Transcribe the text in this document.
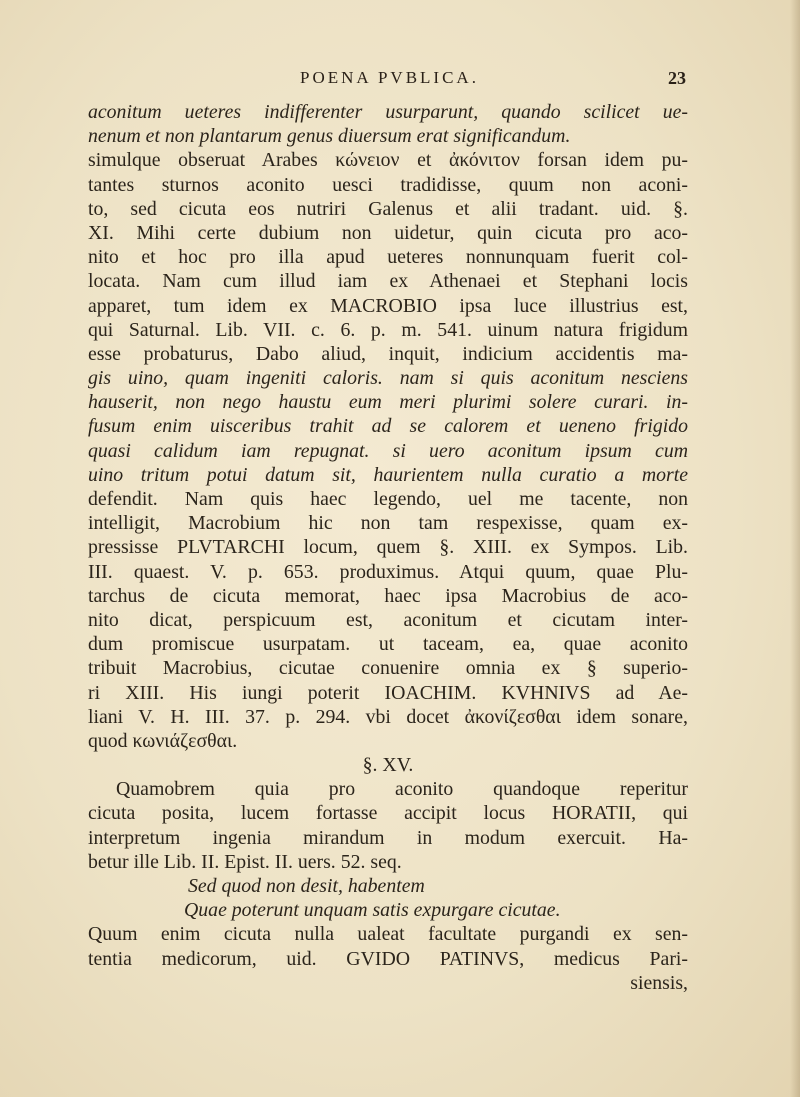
POENA PVBLICA.	23
aconitum ueteres indifferenter usurparunt, quando scilicet ue-
nenum et non plantarum genus diuersum erat significandum.
simulque obseruat Arabes κώνειον et ἀκόνιτον forsan idem pu-
tantes sturnos aconito uesci tradidisse, quum non aconi-
to, sed cicuta eos nutriri Galenus et alii tradant. uid. §.
XI. Mihi certe dubium non uidetur, quin cicuta pro aco-
nito et hoc pro illa apud ueteres nonnunquam fuerit col-
locata. Nam cum illud iam ex Athenaei et Stephani locis
apparet, tum idem ex MACROBIO ipsa luce illustrius est,
qui Saturnal. Lib. VII. c. 6. p. m. 541. uinum natura frigidum
esse probaturus, Dabo aliud, inquit, indicium accidentis ma-
gis uino, quam ingeniti caloris. nam si quis aconitum nesciens
hauserit, non nego haustu eum meri plurimi solere curari. in-
fusum enim uisceribus trahit ad se calorem et ueneno frigido
quasi calidum iam repugnat. si uero aconitum ipsum cum
uino tritum potui datum sit, haurientem nulla curatio a morte
defendit. Nam quis haec legendo, uel me tacente, non
intelligit, Macrobium hic non tam respexisse, quam ex-
pressisse PLVTARCHI locum, quem §. XIII. ex Sympos. Lib.
III. quaest. V. p. 653. produximus. Atqui quum, quae Plu-
tarchus de cicuta memorat, haec ipsa Macrobius de aco-
nito dicat, perspicuum est, aconitum et cicutam inter-
dum promiscue usurpatam. ut taceam, ea, quae aconito
tribuit Macrobius, cicutae conuenire omnia ex § superio-
ri XIII. His iungi poterit IOACHIM. KVHNIVS ad Ae-
liani V. H. III. 37. p. 294. vbi docet ἀκονίζεσθαι idem sonare,
quod κωνιάζεσθαι.
§. XV.
Quamobrem quia pro aconito quandoque reperitur
cicuta posita, lucem fortasse accipit locus HORATII, qui
interpretum ingenia mirandum in modum exercuit. Ha-
betur ille Lib. II. Epist. II. uers. 52. seq.
Sed quod non desit, habentem
Quae poterunt unquam satis expurgare cicutae.
Quum enim cicuta nulla ualeat facultate purgandi ex sen-
tentia medicorum, uid. GVIDO PATINVS, medicus Pari-
siensis,
